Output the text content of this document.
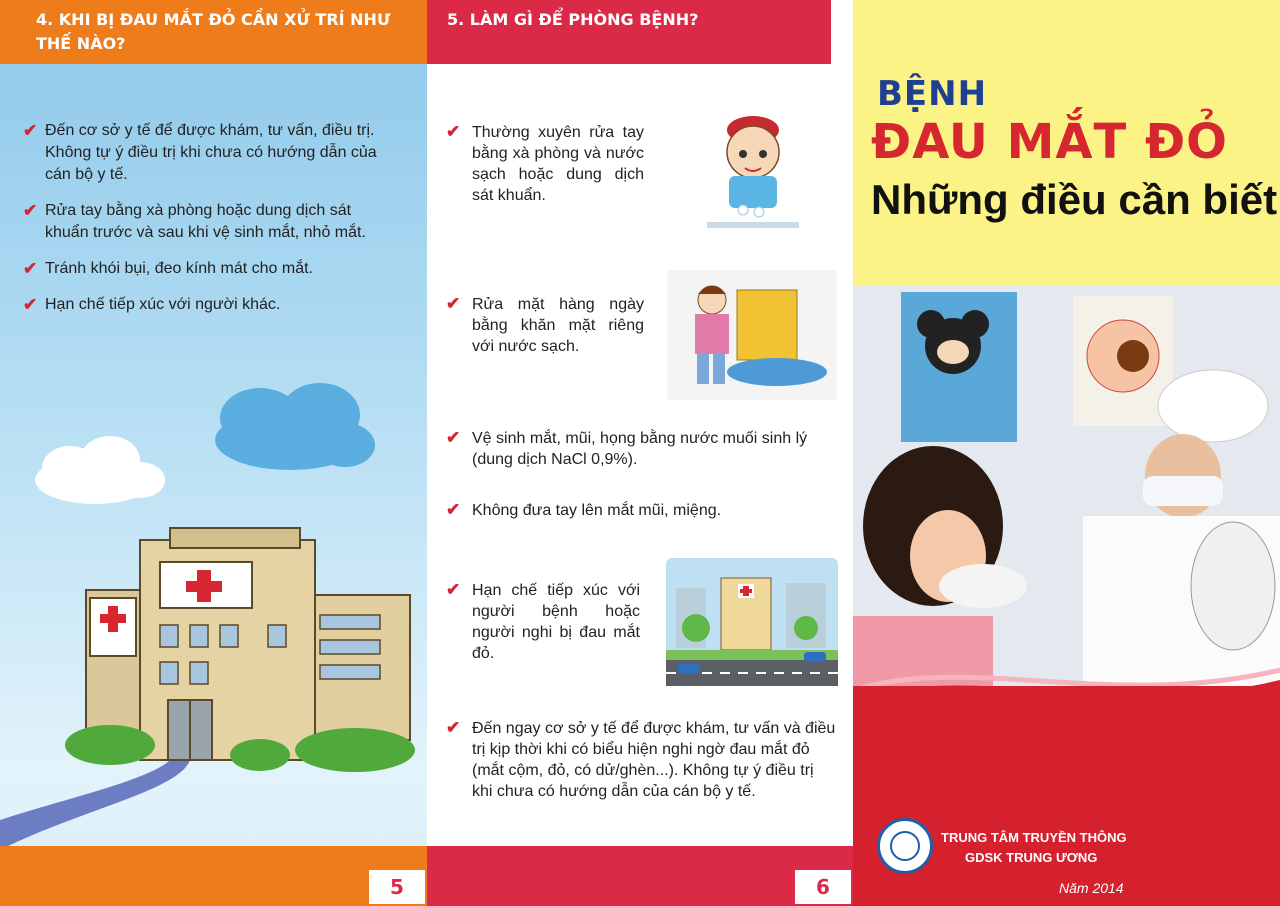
4. KHI BỊ ĐAU MẮT ĐỎ CẦN XỬ TRÍ NHƯ THẾ NÀO?
✔ Đến cơ sở y tế để được khám, tư vấn, điều trị. Không tự ý điều trị khi chưa có hướng dẫn của cán bộ y tế.
✔ Rửa tay bằng xà phòng hoặc dung dịch sát khuẩn trước và sau khi vệ sinh mắt, nhỏ mắt.
✔ Tránh khói bụi, đeo kính mát cho mắt.
✔ Hạn chế tiếp xúc với người khác.
5
5. LÀM GÌ ĐỂ PHÒNG BỆNH?
6
✔ Thường xuyên rửa tay bằng xà phòng và nước sạch hoặc dung dịch sát khuẩn.
✔ Rửa mặt hàng ngày bằng khăn mặt riêng với nước sạch.
✔ Vệ sinh mắt, mũi, họng bằng nước muối sinh lý (dung dịch NaCl 0,9%).
✔ Không đưa tay lên mắt mũi, miệng.
✔ Hạn chế tiếp xúc với người bệnh hoặc người nghi bị đau mắt đỏ.
✔ Đến ngay cơ sở y tế để được khám, tư vấn và điều trị kịp thời khi có biểu hiện nghi ngờ đau mắt đỏ (mắt cộm, đỏ, có dử/ghèn...). Không tự ý điều trị khi chưa có hướng dẫn của cán bộ y tế.
BỆNH
ĐAU MẮT ĐỎ
Những điều cần biết
TRUNG TÂM TRUYỀN THÔNG
GDSK TRUNG ƯƠNG
Năm 2014
